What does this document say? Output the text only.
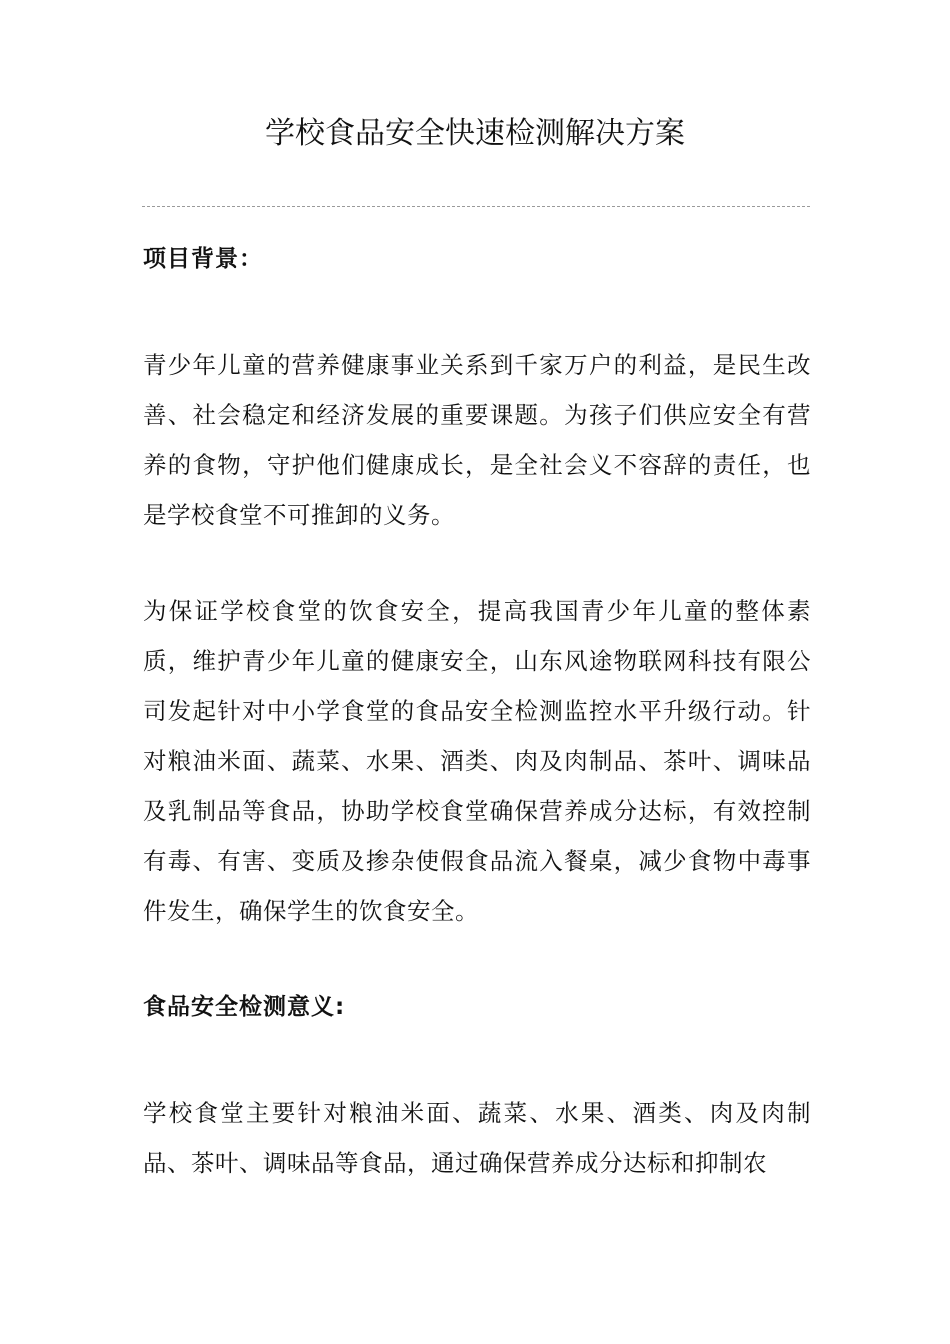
学校食品安全快速检测解决方案
项目背景：

青少年儿童的营养健康事业关系到千家万户的利益，是民生改善、社会稳定和经济发展的重要课题。为孩子们供应安全有营养的食物，守护他们健康成长，是全社会义不容辞的责任，也是学校食堂不可推卸的义务。

为保证学校食堂的饮食安全，提高我国青少年儿童的整体素质，维护青少年儿童的健康安全，山东风途物联网科技有限公司发起针对中小学食堂的食品安全检测监控水平升级行动。针对粮油米面、蔬菜、水果、酒类、肉及肉制品、茶叶、调味品及乳制品等食品，协助学校食堂确保营养成分达标，有效控制有毒、有害、变质及掺杂使假食品流入餐桌，减少食物中毒事件发生，确保学生的饮食安全。

食品安全检测意义:

学校食堂主要针对粮油米面、蔬菜、水果、酒类、肉及肉制品、茶叶、调味品等食品，通过确保营养成分达标和抑制农
